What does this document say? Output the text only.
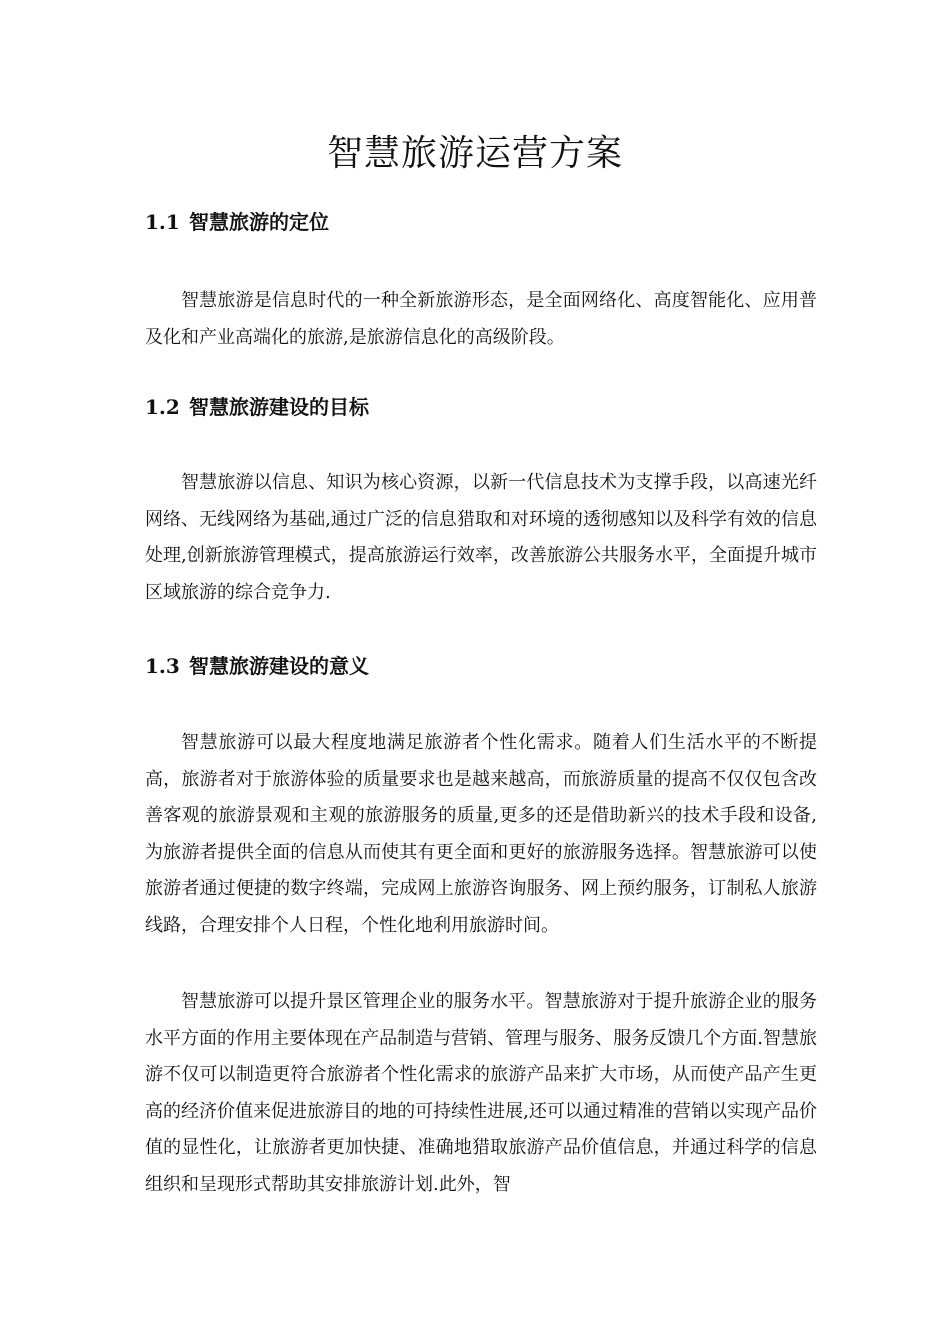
智慧旅游运营方案
1.1 智慧旅游的定位

智慧旅游是信息时代的一种全新旅游形态，是全面网络化、高度智能化、应用普及化和产业高端化的旅游,是旅游信息化的高级阶段。

1.2 智慧旅游建设的目标

智慧旅游以信息、知识为核心资源，以新一代信息技术为支撑手段，以高速光纤网络、无线网络为基础,通过广泛的信息猎取和对环境的透彻感知以及科学有效的信息处理,创新旅游管理模式，提高旅游运行效率，改善旅游公共服务水平，全面提升城市区域旅游的综合竞争力.

1.3 智慧旅游建设的意义

智慧旅游可以最大程度地满足旅游者个性化需求。随着人们生活水平的不断提高，旅游者对于旅游体验的质量要求也是越来越高，而旅游质量的提高不仅仅包含改善客观的旅游景观和主观的旅游服务的质量,更多的还是借助新兴的技术手段和设备,为旅游者提供全面的信息从而使其有更全面和更好的旅游服务选择。智慧旅游可以使旅游者通过便捷的数字终端，完成网上旅游咨询服务、网上预约服务，订制私人旅游线路，合理安排个人日程，个性化地利用旅游时间。

智慧旅游可以提升景区管理企业的服务水平。智慧旅游对于提升旅游企业的服务水平方面的作用主要体现在产品制造与营销、管理与服务、服务反馈几个方面.智慧旅游不仅可以制造更符合旅游者个性化需求的旅游产品来扩大市场，从而使产品产生更高的经济价值来促进旅游目的地的可持续性进展,还可以通过精准的营销以实现产品价值的显性化，让旅游者更加快捷、准确地猎取旅游产品价值信息，并通过科学的信息组织和呈现形式帮助其安排旅游计划.此外，智
